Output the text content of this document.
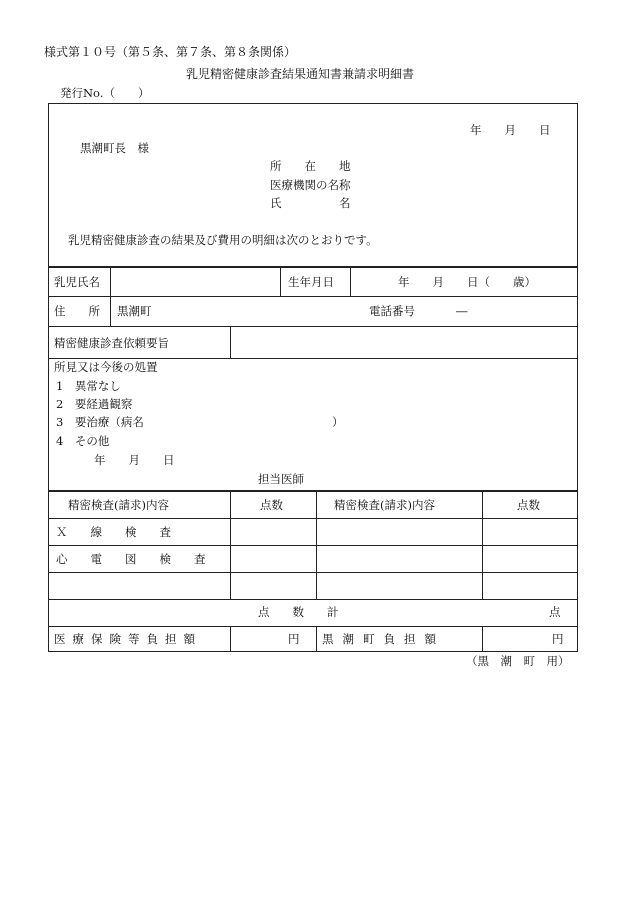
様式第１０号（第５条、第７条、第８条関係）
乳児精密健康診査結果通知書兼請求明細書
発行No.（　　）
年　　月　　日
黒潮町長　様
所　　在　　地
医療機関の名称
氏　　　　　名
乳児精密健康診査の結果及び費用の明細は次のとおりです。
乳児氏名	生年月日	年　　月　　日（　　歳）
住　　所 黒潮町	電話番号	―
精密健康診査依頼要旨
所見又は今後の処置
1　異常なし
2　要経過観察
3　要治療（病名	）
4　その他
年　　月　　日
担当医師
精密検査(請求)内容	点数	精密検査(請求)内容	点数
Ｘ　　線　　検　　査
心　　電　　図　　検　　査
点　　数　　計	点
医療保険等負担額	円 黒潮町負担額	円
（黒　潮　町　用）
